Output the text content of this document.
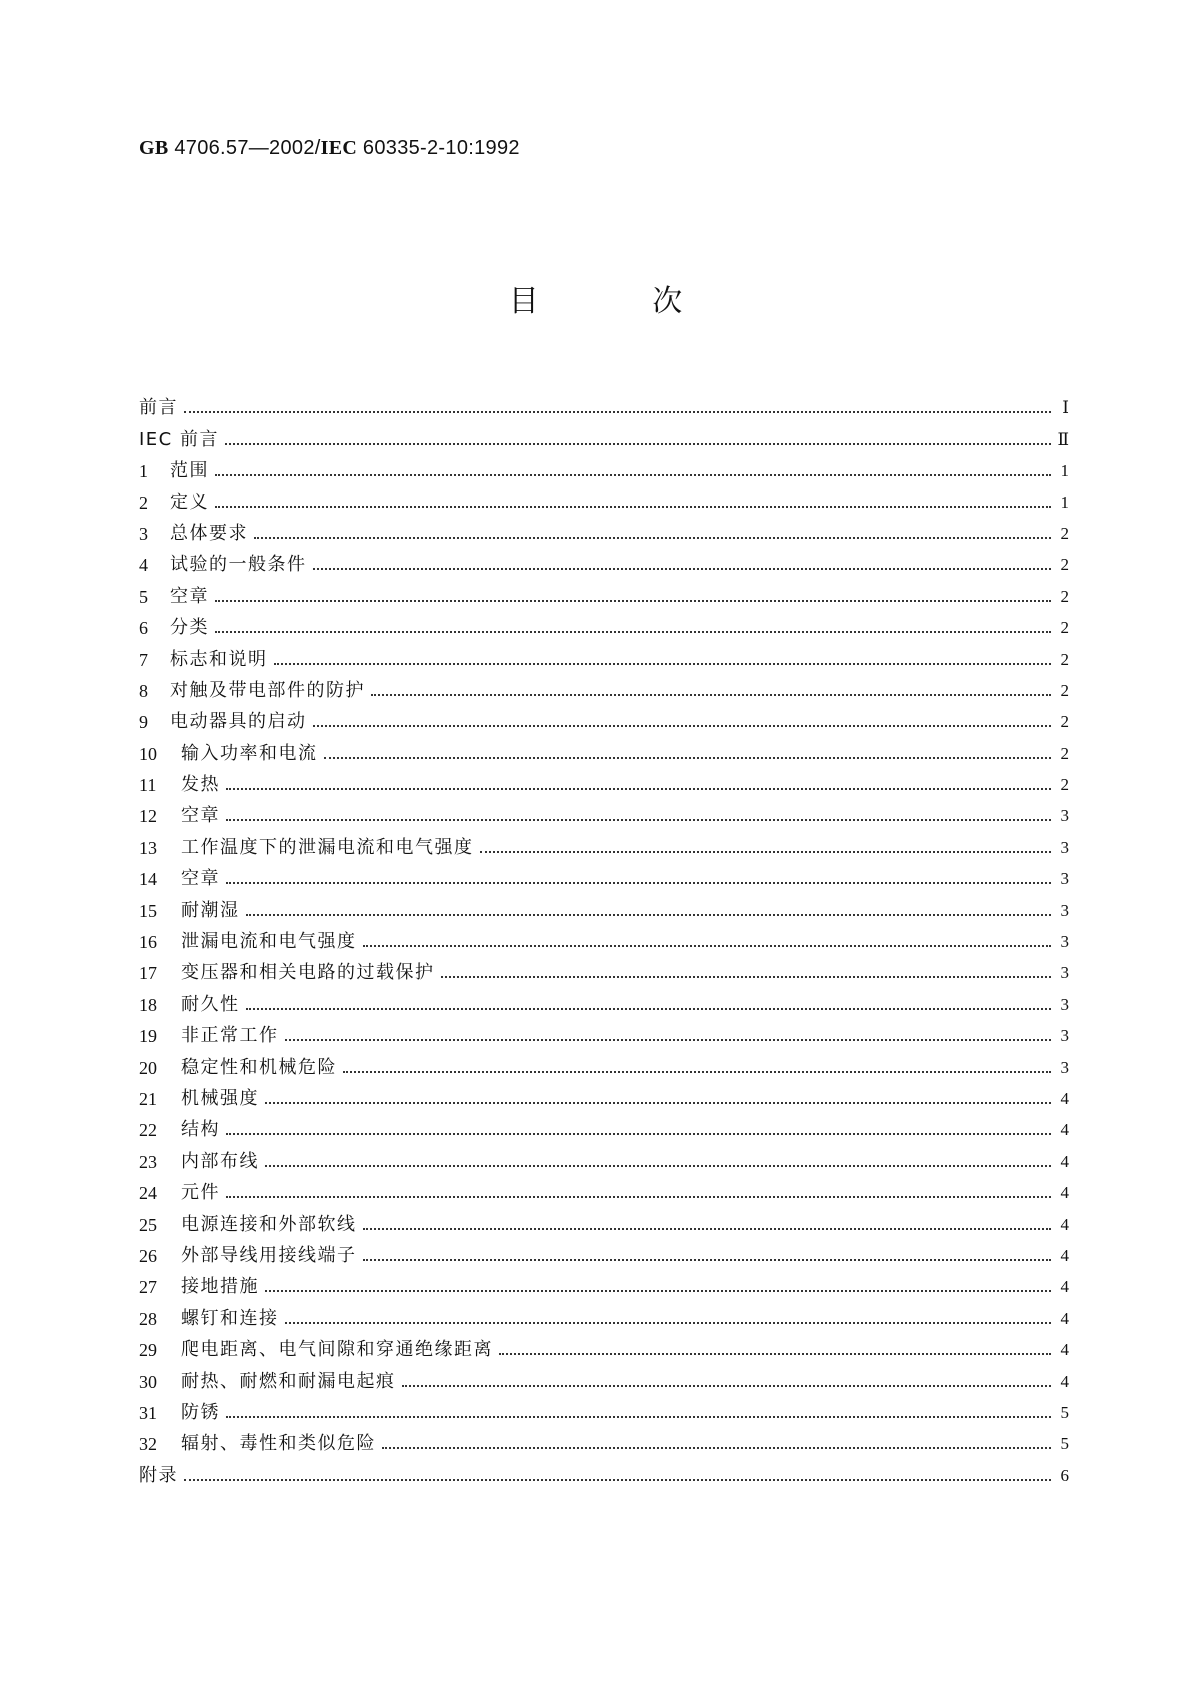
GB 4706.57—2002/IEC 60335-2-10:1992
目 次
前言	Ⅰ
IEC 前言	Ⅱ
1	范围	1
2	定义	1
3	总体要求	2
4	试验的一般条件	2
5	空章	2
6	分类	2
7	标志和说明	2
8	对触及带电部件的防护	2
9	电动器具的启动	2
10	输入功率和电流	2
11	发热	2
12	空章	3
13	工作温度下的泄漏电流和电气强度	3
14	空章	3
15	耐潮湿	3
16	泄漏电流和电气强度	3
17	变压器和相关电路的过载保护	3
18	耐久性	3
19	非正常工作	3
20	稳定性和机械危险	3
21	机械强度	4
22	结构	4
23	内部布线	4
24	元件	4
25	电源连接和外部软线	4
26	外部导线用接线端子	4
27	接地措施	4
28	螺钉和连接	4
29	爬电距离、电气间隙和穿通绝缘距离	4
30	耐热、耐燃和耐漏电起痕	4
31	防锈	5
32	辐射、毒性和类似危险	5
附录	6
